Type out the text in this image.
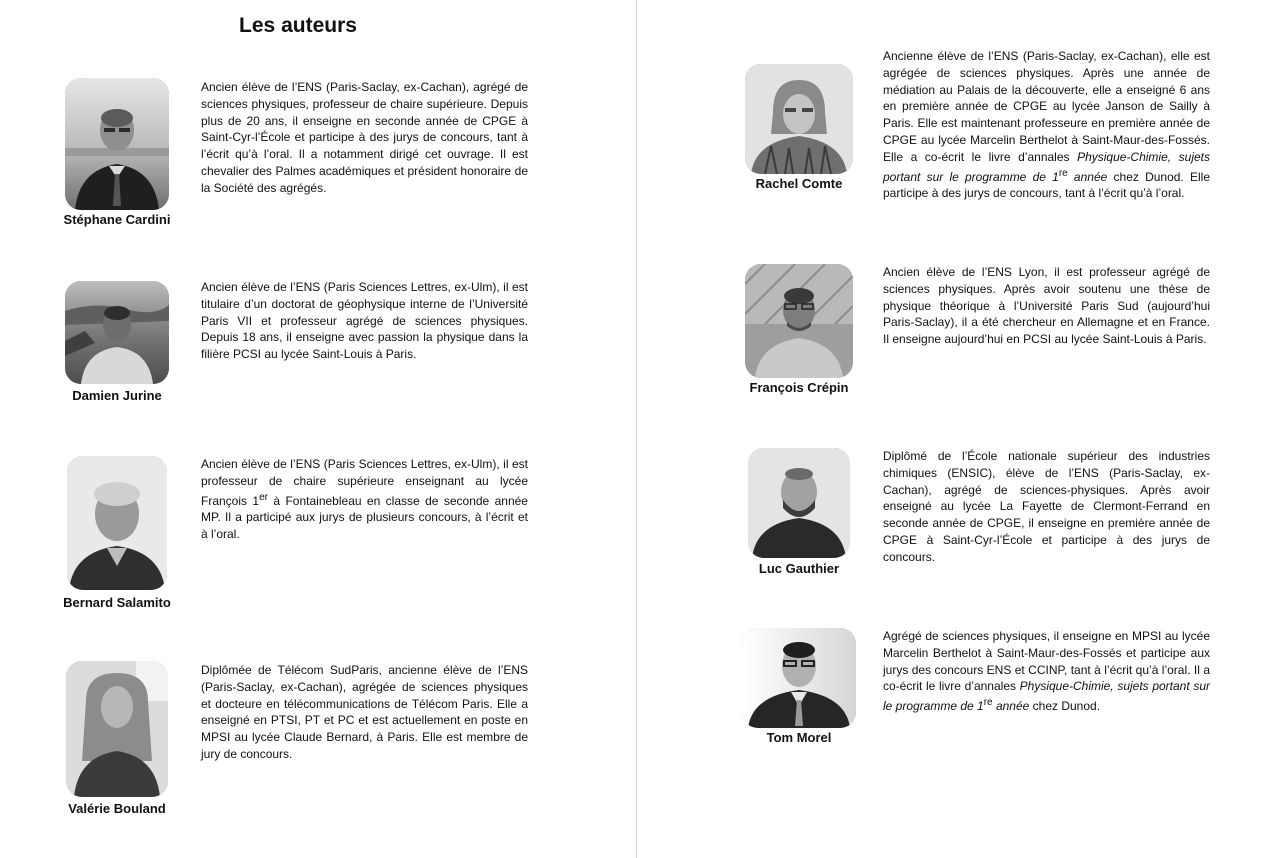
Les auteurs
Stéphane Cardini
Ancien élève de l’ENS (Paris-Saclay, ex-Cachan), agrégé de sciences physiques, professeur de chaire supérieure. Depuis plus de 20 ans, il enseigne en seconde année de CPGE à Saint-Cyr-l’École et participe à des jurys de concours, tant à l’écrit qu’à l’oral. Il a notamment dirigé cet ouvrage. Il est chevalier des Palmes académiques et président honoraire de la Société des agrégés.
Damien Jurine
Ancien élève de l’ENS (Paris Sciences Lettres, ex-Ulm), il est titulaire d’un doctorat de géophysique interne de l’Université Paris VII et professeur agrégé de sciences physiques. Depuis 18 ans, il enseigne avec passion la physique dans la filière PCSI au lycée Saint-Louis à Paris.
Bernard Salamito
Ancien élève de l’ENS (Paris Sciences Lettres, ex-Ulm), il est professeur de chaire supérieure enseignant au lycée François 1er à Fontainebleau en classe de seconde année MP. Il a participé aux jurys de plusieurs concours, à l’écrit et à l’oral.
Valérie Bouland
Diplômée de Télécom SudParis, ancienne élève de l’ENS (Paris-Saclay, ex-Cachan), agrégée de sciences physiques et docteure en télécommunications de Télécom Paris. Elle a enseigné en PTSI, PT et PC et est actuellement en poste en MPSI au lycée Claude Bernard, à Paris. Elle est membre de jury de concours.
Rachel Comte
Ancienne élève de l’ENS (Paris-Saclay, ex-Cachan), elle est agrégée de sciences physiques. Après une année de médiation au Palais de la découverte, elle a enseigné 6 ans en première année de CPGE au lycée Janson de Sailly à Paris. Elle est maintenant professeure en première année de CPGE au lycée Marcelin Berthelot à Saint-Maur-des-Fossés. Elle a co-écrit le livre d’annales Physique-Chimie, sujets portant sur le programme de 1re année chez Dunod. Elle participe à des jurys de concours, tant à l’écrit qu’à l’oral.
François Crépin
Ancien élève de l’ENS Lyon, il est professeur agrégé de sciences physiques. Après avoir soutenu une thèse de physique théorique à l’Université Paris Sud (aujourd’hui Paris-Saclay), il a été chercheur en Allemagne et en France. Il enseigne aujourd’hui en PCSI au lycée Saint-Louis à Paris.
Luc Gauthier
Diplômé de l’École nationale supérieur des industries chimiques (ENSIC), élève de l’ENS (Paris-Saclay, ex-Cachan), agrégé de sciences-physiques. Après avoir enseigné au lycée La Fayette de Clermont-Ferrand en seconde année de CPGE, il enseigne en première année de CPGE à Saint-Cyr-l’École et participe à des jurys de concours.
Tom Morel
Agrégé de sciences physiques, il enseigne en MPSI au lycée Marcelin Berthelot à Saint-Maur-des-Fossés et participe aux jurys des concours ENS et CCINP, tant à l’écrit qu’à l’oral. Il a co-écrit le livre d’annales Physique-Chimie, sujets portant sur le programme de 1re année chez Dunod.
